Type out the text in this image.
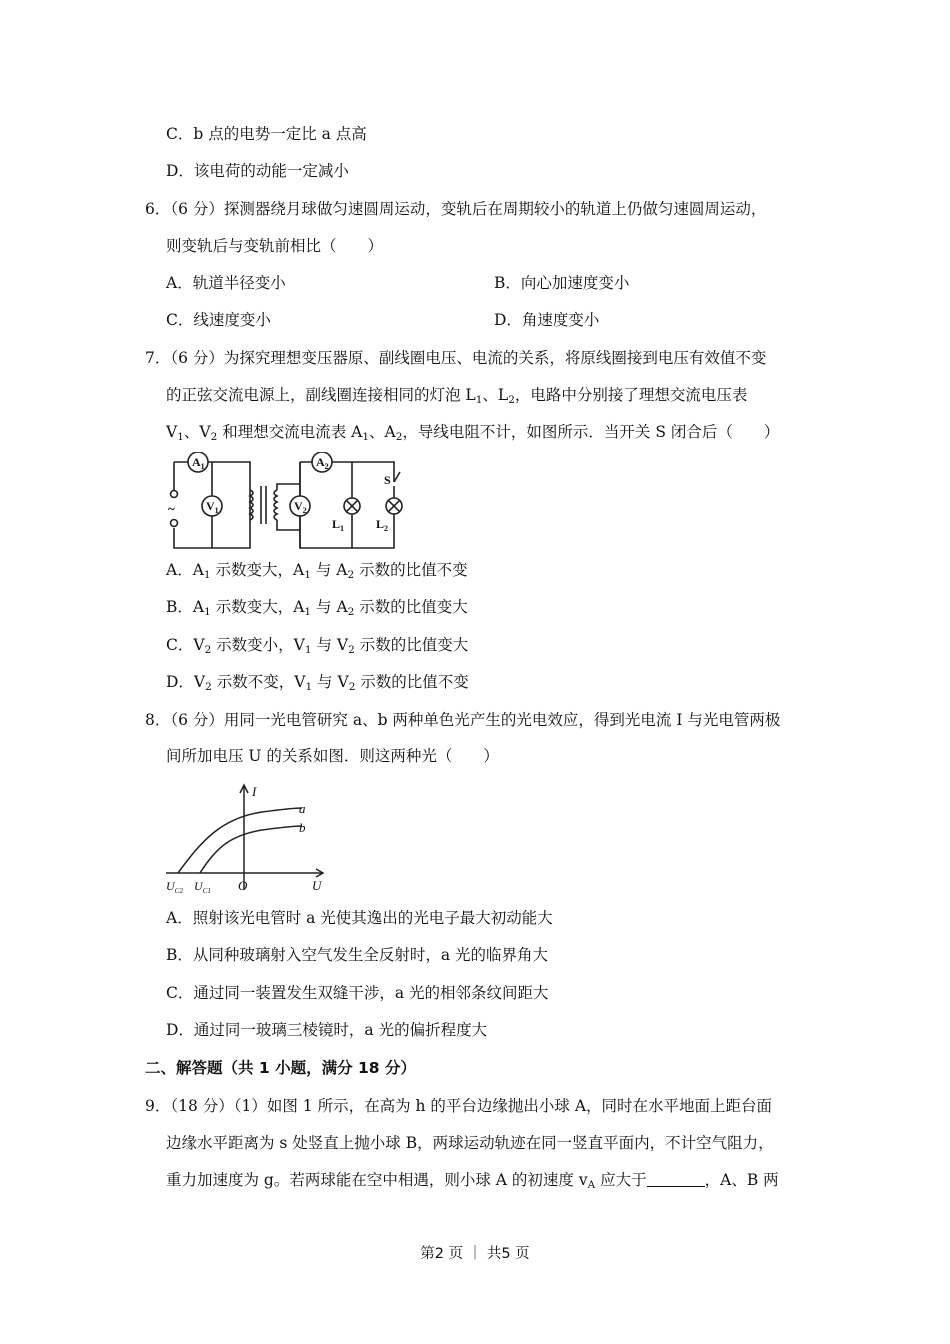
C．b 点的电势一定比 a 点高
D．该电荷的动能一定减小
6．（6 分）探测器绕月球做匀速圆周运动，变轨后在周期较小的轨道上仍做匀速圆周运动，
则变轨后与变轨前相比（　　）
A．轨道半径变小	B．向心加速度变小
C．线速度变小	D．角速度变小
7．（6 分）为探究理想变压器原、副线圈电压、电流的关系，将原线圈接到电压有效值不变
的正弦交流电源上，副线圈连接相同的灯泡 $L_1$、$L_2$，电路中分别接了理想交流电压表
$V_1$、$V_2$ 和理想交流电流表 $A_1$、$A_2$，导线电阻不计，如图所示．当开关 S 闭合后（　　）
$A_1$	$A_2$
$V_1$	$V_2$
S
$L_1$	$L_2$
~
A．$A_1$ 示数变大，$A_1$ 与 $A_2$ 示数的比值不变
B．$A_1$ 示数变大，$A_1$ 与 $A_2$ 示数的比值变大
C．$V_2$ 示数变小，$V_1$ 与 $V_2$ 示数的比值变大
D．$V_2$ 示数不变，$V_1$ 与 $V_2$ 示数的比值不变
8．（6 分）用同一光电管研究 a、b 两种单色光产生的光电效应，得到光电流 I 与光电管两极
间所加电压 U 的关系如图．则这两种光（　　）
I
U
O
a
b
$U_{C2}$ $U_{C1}$
A．照射该光电管时 a 光使其逸出的光电子最大初动能大
B．从同种玻璃射入空气发生全反射时，a 光的临界角大
C．通过同一装置发生双缝干涉，a 光的相邻条纹间距大
D．通过同一玻璃三棱镜时，a 光的偏折程度大
二、解答题（共 1 小题，满分 18 分）
9．（18 分）（1）如图 1 所示，在高为 h 的平台边缘抛出小球 A，同时在水平地面上距台面
边缘水平距离为 s 处竖直上抛小球 B，两球运动轨迹在同一竖直平面内，不计空气阻力，
重力加速度为 g。若两球能在空中相遇，则小球 A 的初速度 $v_A$ 应大于	，A、B 两
第2 页 ｜ 共5 页
